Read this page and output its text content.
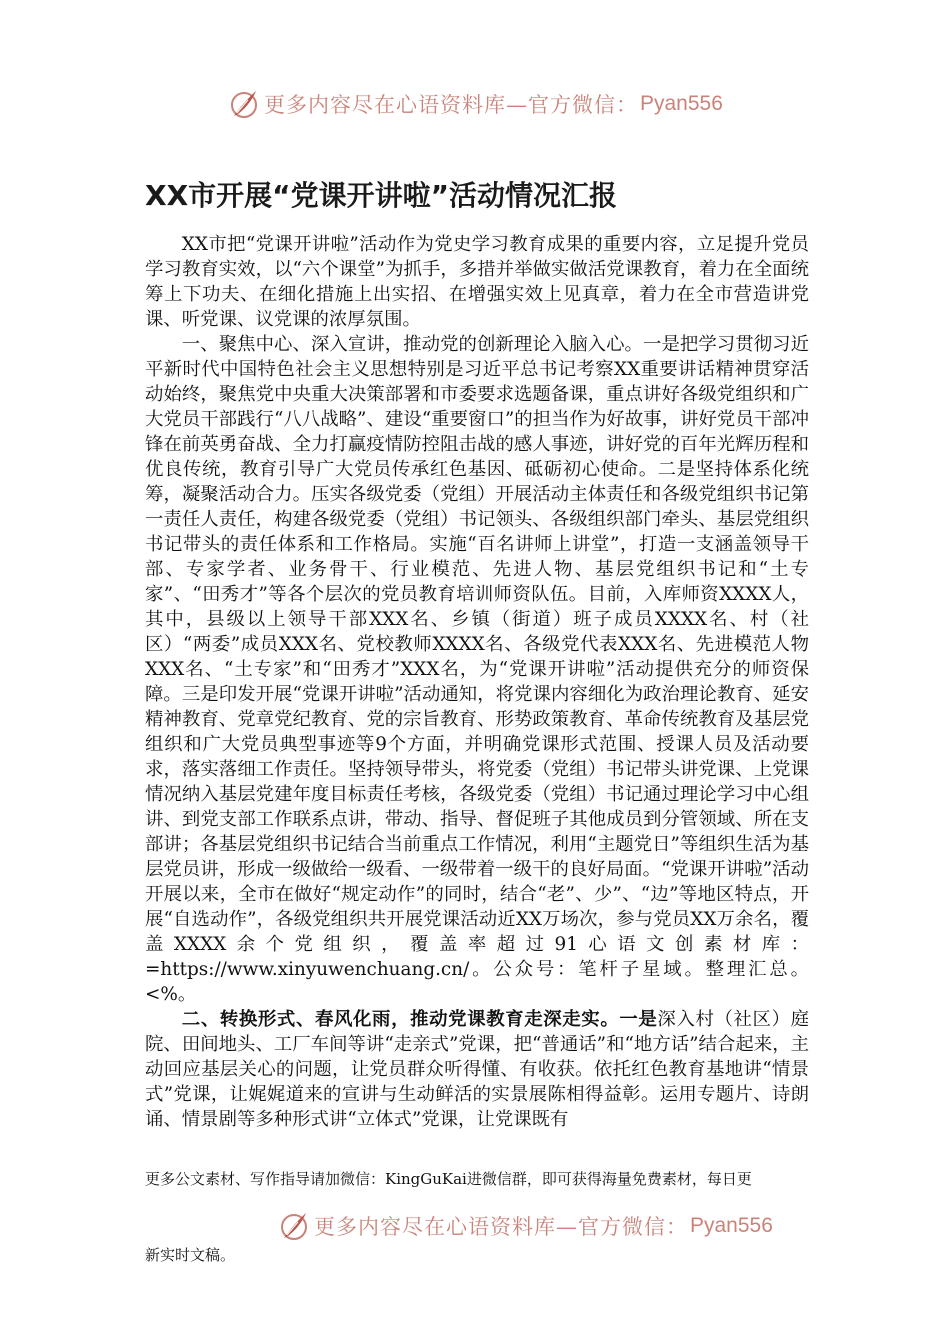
更多内容尽在心语资料库—官方微信： Pyan556
XX市开展“党课开讲啦”活动情况汇报

XX市把“党课开讲啦”活动作为党史学习教育成果的重要内容，立足提升党员学习教育实效，以“六个课堂”为抓手，多措并举做实做活党课教育，着力在全面统筹上下功夫、在细化措施上出实招、在增强实效上见真章，着力在全市营造讲党课、听党课、议党课的浓厚氛围。

一、聚焦中心、深入宣讲，推动党的创新理论入脑入心。一是把学习贯彻习近平新时代中国特色社会主义思想特别是习近平总书记考察XX重要讲话精神贯穿活动始终，聚焦党中央重大决策部署和市委要求选题备课，重点讲好各级党组织和广大党员干部践行“八八战略”、建设“重要窗口”的担当作为好故事，讲好党员干部冲锋在前英勇奋战、全力打赢疫情防控阻击战的感人事迹，讲好党的百年光辉历程和优良传统，教育引导广大党员传承红色基因、砥砺初心使命。二是坚持体系化统筹，凝聚活动合力。压实各级党委（党组）开展活动主体责任和各级党组织书记第一责任人责任，构建各级党委（党组）书记领头、各级组织部门牵头、基层党组织书记带头的责任体系和工作格局。实施“百名讲师上讲堂”，打造一支涵盖领导干部、专家学者、业务骨干、行业模范、先进人物、基层党组织书记和“土专家”、“田秀才”等各个层次的党员教育培训师资队伍。目前，入库师资XXXX人，其中，县级以上领导干部XXX名、乡镇（街道）班子成员XXXX名、村（社区）“两委”成员XXX名、党校教师XXXX名、各级党代表XXX名、先进模范人物XXX名、“土专家”和“田秀才”XXX名，为“党课开讲啦”活动提供充分的师资保障。三是印发开展“党课开讲啦”活动通知，将党课内容细化为政治理论教育、延安精神教育、党章党纪教育、党的宗旨教育、形势政策教育、革命传统教育及基层党组织和广大党员典型事迹等9个方面，并明确党课形式范围、授课人员及活动要求，落实落细工作责任。坚持领导带头，将党委（党组）书记带头讲党课、上党课情况纳入基层党建年度目标责任考核，各级党委（党组）书记通过理论学习中心组讲、到党支部工作联系点讲，带动、指导、督促班子其他成员到分管领域、所在支部讲；各基层党组织书记结合当前重点工作情况，利用“主题党日”等组织生活为基层党员讲，形成一级做给一级看、一级带着一级干的良好局面。“党课开讲啦”活动开展以来，全市在做好“规定动作”的同时，结合“老”、少”、“边”等地区特点，开展“自选动作”，各级党组织共开展党课活动近XX万场次，参与党员XX万余名，覆盖XXXX余个党组织，覆盖率超过91心语文创素材库：=https://www.xinyuwenchuang.cn/。公众号：笔杆子星域。整理汇总。<%。

二、转换形式、春风化雨，推动党课教育走深走实。一是深入村（社区）庭院、田间地头、工厂车间等讲“走亲式”党课，把“普通话”和“地方话”结合起来，主动回应基层关心的问题，让党员群众听得懂、有收获。依托红色教育基地讲“情景式”党课，让娓娓道来的宣讲与生动鲜活的实景展陈相得益彰。运用专题片、诗朗诵、情景剧等多种形式讲“立体式”党课，让党课既有

更多公文素材、写作指导请加微信：KingGuKai进微信群，即可获得海量免费素材，每日更

更多内容尽在心语资料库—官方微信： Pyan556

新实时文稿。
